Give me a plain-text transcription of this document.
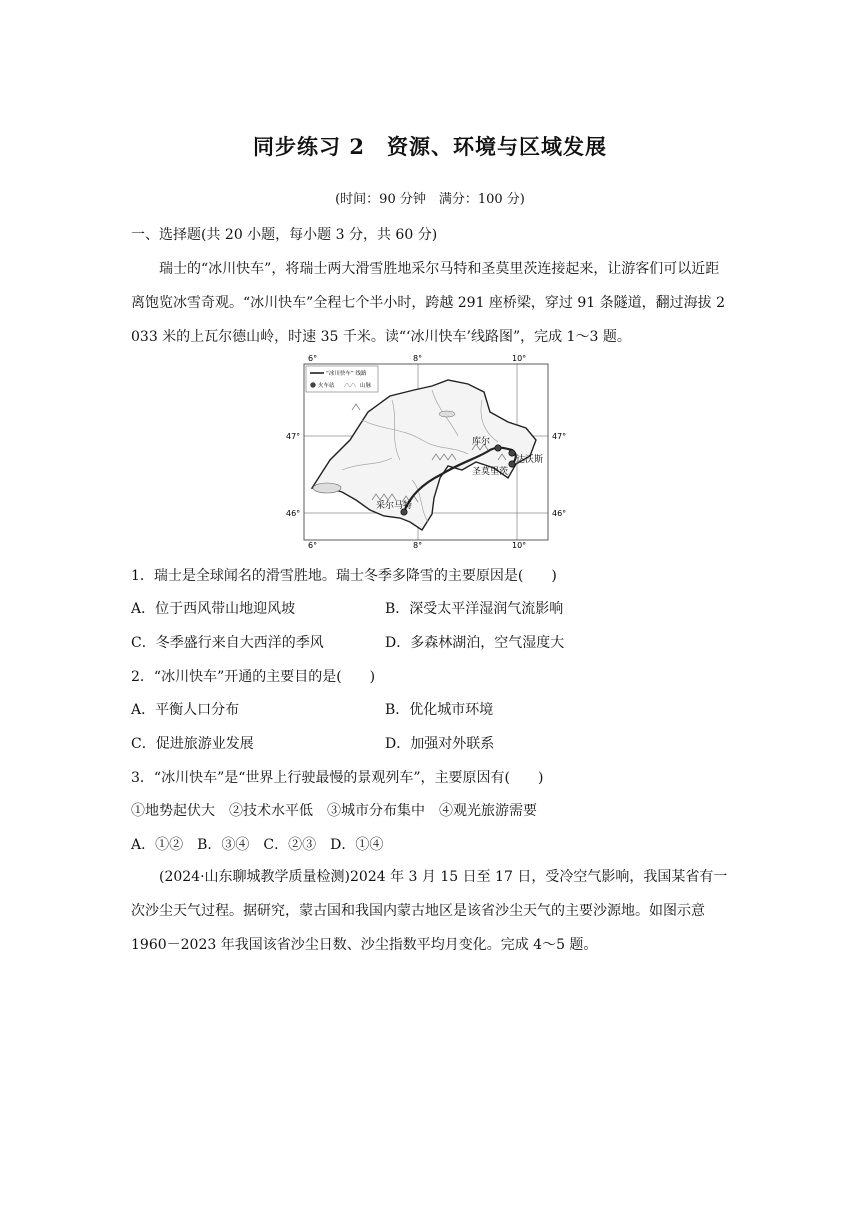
同步练习 2　资源、环境与区域发展
(时间：90 分钟　满分：100 分)
一、选择题(共 20 小题，每小题 3 分，共 60 分)
瑞士的“冰川快车”，将瑞士两大滑雪胜地采尔马特和圣莫里茨连接起来，让游客们可以近距离饱览冰雪奇观。“冰川快车”全程七个半小时，跨越 291 座桥梁，穿过 91 条隧道，翻过海拔 2 033 米的上瓦尔德山岭，时速 35 千米。读“‘冰川快车’线路图”，完成 1～3 题。
6°	8°	10°
6°	8°	10°
47°
46°
47°
46°
库尔
达沃斯
圣莫里茨
采尔马特
“冰川快车” 线路
火车站	山脉
1．瑞士是全球闻名的滑雪胜地。瑞士冬季多降雪的主要原因是(　　)
A．位于西风带山地迎风坡	B．深受太平洋湿润气流影响
C．冬季盛行来自大西洋的季风	D．多森林湖泊，空气湿度大
2．“冰川快车”开通的主要目的是(　　)
A．平衡人口分布	B．优化城市环境
C．促进旅游业发展	D．加强对外联系
3．“冰川快车”是“世界上行驶最慢的景观列车”，主要原因有(　　)
①地势起伏大　②技术水平低　③城市分布集中　④观光旅游需要
A．①②　B．③④　C．②③　D．①④
(2024·山东聊城教学质量检测)2024 年 3 月 15 日至 17 日，受冷空气影响，我国某省有一次沙尘天气过程。据研究，蒙古国和我国内蒙古地区是该省沙尘天气的主要沙源地。如图示意 1960－2023 年我国该省沙尘日数、沙尘指数平均月变化。完成 4～5 题。
